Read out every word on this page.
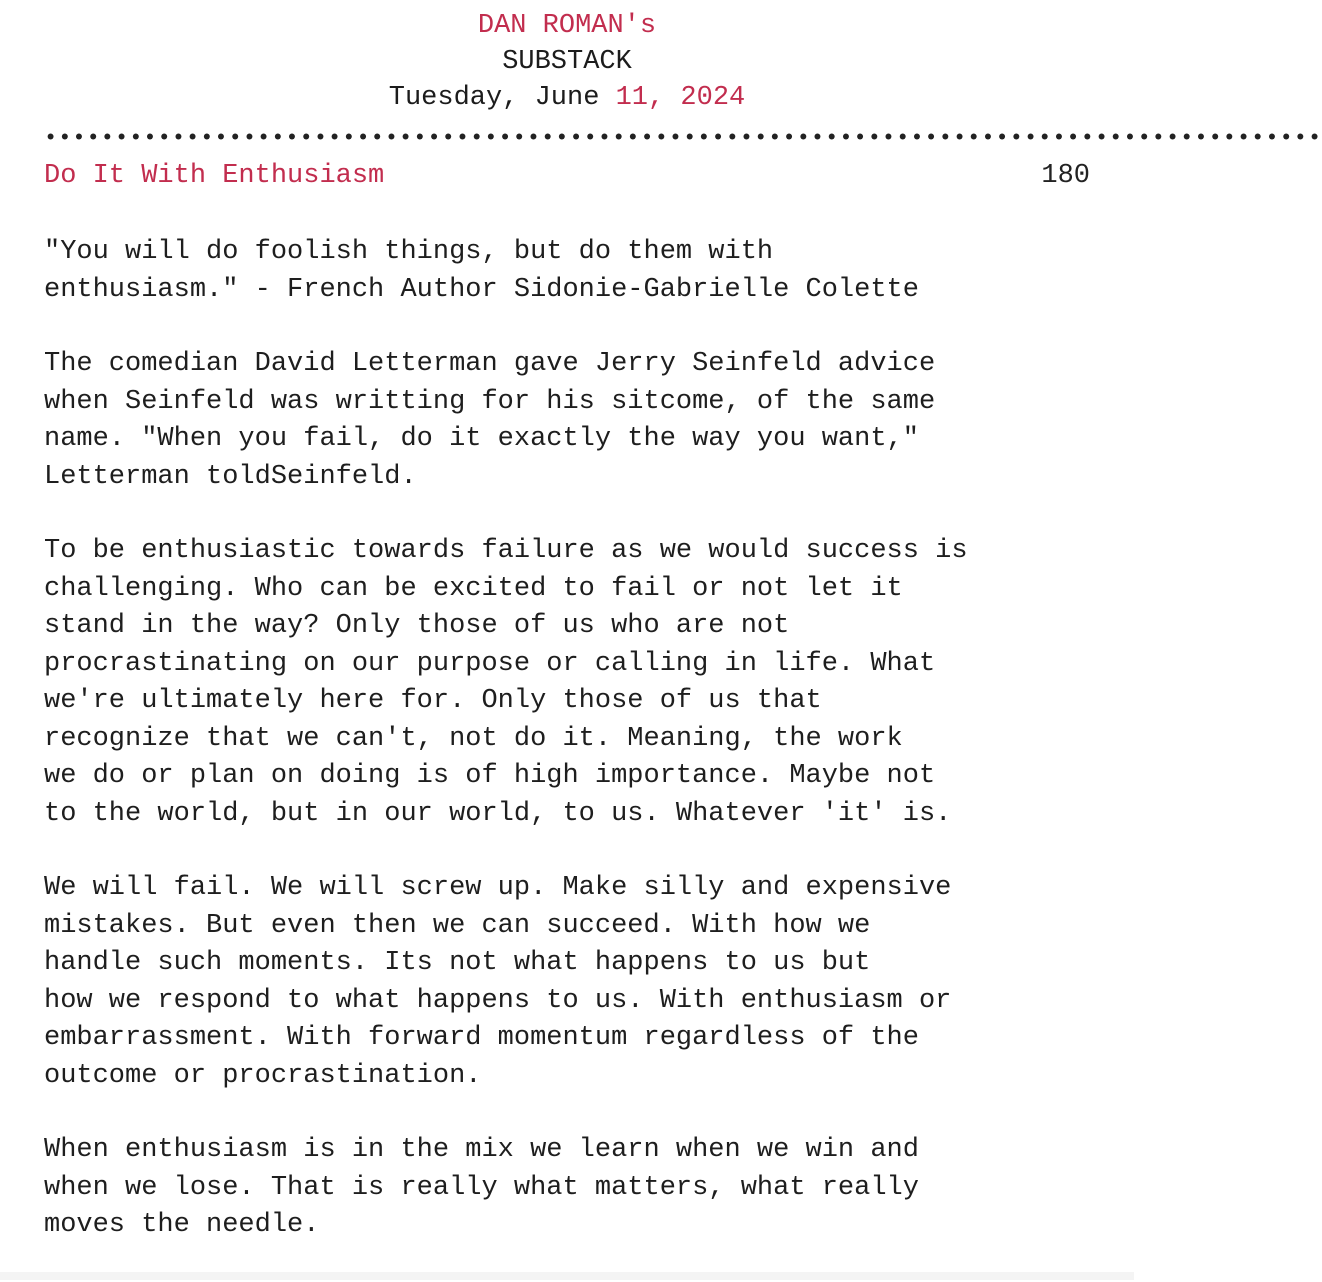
DAN ROMAN's
SUBSTACK
Tuesday, June 11, 2024
••••••••••••••••••••••••••••••••••••••••••••••••••••••••••••••••••••••••••••••••••••••••••
Do It With Enthusiasm	180

"You will do foolish things, but do them with
enthusiasm." - French Author Sidonie-Gabrielle Colette

The comedian David Letterman gave Jerry Seinfeld advice
when Seinfeld was writting for his sitcome, of the same
name. "When you fail, do it exactly the way you want,"
Letterman toldSeinfeld.

To be enthusiastic towards failure as we would success is
challenging. Who can be excited to fail or not let it
stand in the way? Only those of us who are not
procrastinating on our purpose or calling in life. What
we're ultimately here for. Only those of us that
recognize that we can't, not do it. Meaning, the work
we do or plan on doing is of high importance. Maybe not
to the world, but in our world, to us. Whatever 'it' is.

We will fail. We will screw up. Make silly and expensive
mistakes. But even then we can succeed. With how we
handle such moments. Its not what happens to us but
how we respond to what happens to us. With enthusiasm or
embarrassment. With forward momentum regardless of the
outcome or procrastination.

When enthusiasm is in the mix we learn when we win and
when we lose. That is really what matters, what really
moves the needle.
